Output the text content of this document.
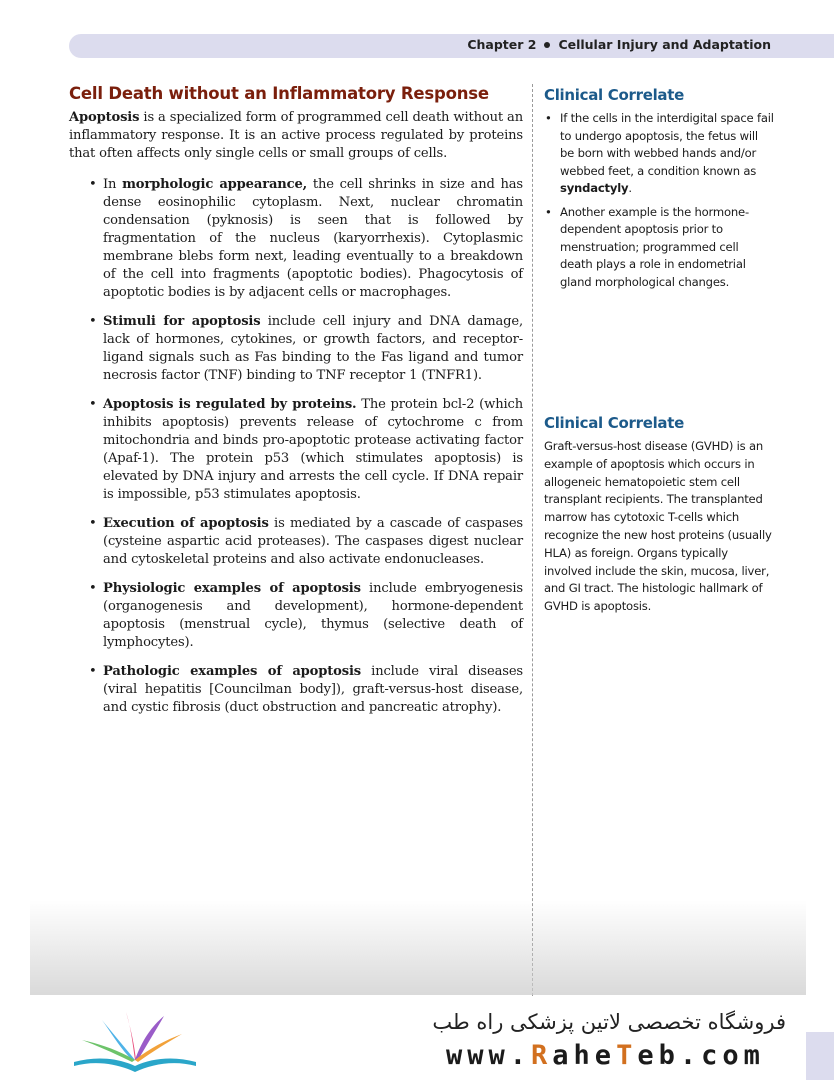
Chapter 2 Cellular Injury and Adaptation
Cell Death without an Inflammatory Response

Apoptosis is a specialized form of programmed cell death without an inflammatory response. It is an active process regulated by proteins that often affects only single cells or small groups of cells.

• In morphologic appearance, the cell shrinks in size and has dense eosinophilic cytoplasm. Next, nuclear chromatin condensation (pyknosis) is seen that is followed by fragmentation of the nucleus (karyorrhexis). Cytoplasmic membrane blebs form next, leading eventually to a breakdown of the cell into fragments (apoptotic bodies). Phagocytosis of apoptotic bodies is by adjacent cells or macrophages.
• Stimuli for apoptosis include cell injury and DNA damage, lack of hormones, cytokines, or growth factors, and receptor-ligand signals such as Fas binding to the Fas ligand and tumor necrosis factor (TNF) binding to TNF receptor 1 (TNFR1).
• Apoptosis is regulated by proteins. The protein bcl-2 (which inhibits apoptosis) prevents release of cytochrome c from mitochondria and binds pro-apoptotic protease activating factor (Apaf-1). The protein p53 (which stimulates apoptosis) is elevated by DNA injury and arrests the cell cycle. If DNA repair is impossible, p53 stimulates apoptosis.
• Execution of apoptosis is mediated by a cascade of caspases (cysteine aspartic acid proteases). The caspases digest nuclear and cytoskeletal proteins and also activate endonucleases.
• Physiologic examples of apoptosis include embryogenesis (organogenesis and development), hormone-dependent apoptosis (menstrual cycle), thymus (selective death of lymphocytes).
• Pathologic examples of apoptosis include viral diseases (viral hepatitis [Councilman body]), graft-versus-host disease, and cystic fibrosis (duct obstruction and pancreatic atrophy).
Clinical Correlate
• If the cells in the interdigital space fail to undergo apoptosis, the fetus will be born with webbed hands and/or webbed feet, a condition known as syndactyly.
• Another example is the hormone-dependent apoptosis prior to menstruation; programmed cell death plays a role in endometrial gland morphological changes.
Clinical Correlate

Graft-versus-host disease (GVHD) is an example of apoptosis which occurs in allogeneic hematopoietic stem cell transplant recipients. The transplanted marrow has cytotoxic T-cells which recognize the new host proteins (usually HLA) as foreign. Organs typically involved include the skin, mucosa, liver, and GI tract. The histologic hallmark of GVHD is apoptosis.

فروشگاه تخصصی لاتین پزشکی راه طب
www.RaheTeb.com
